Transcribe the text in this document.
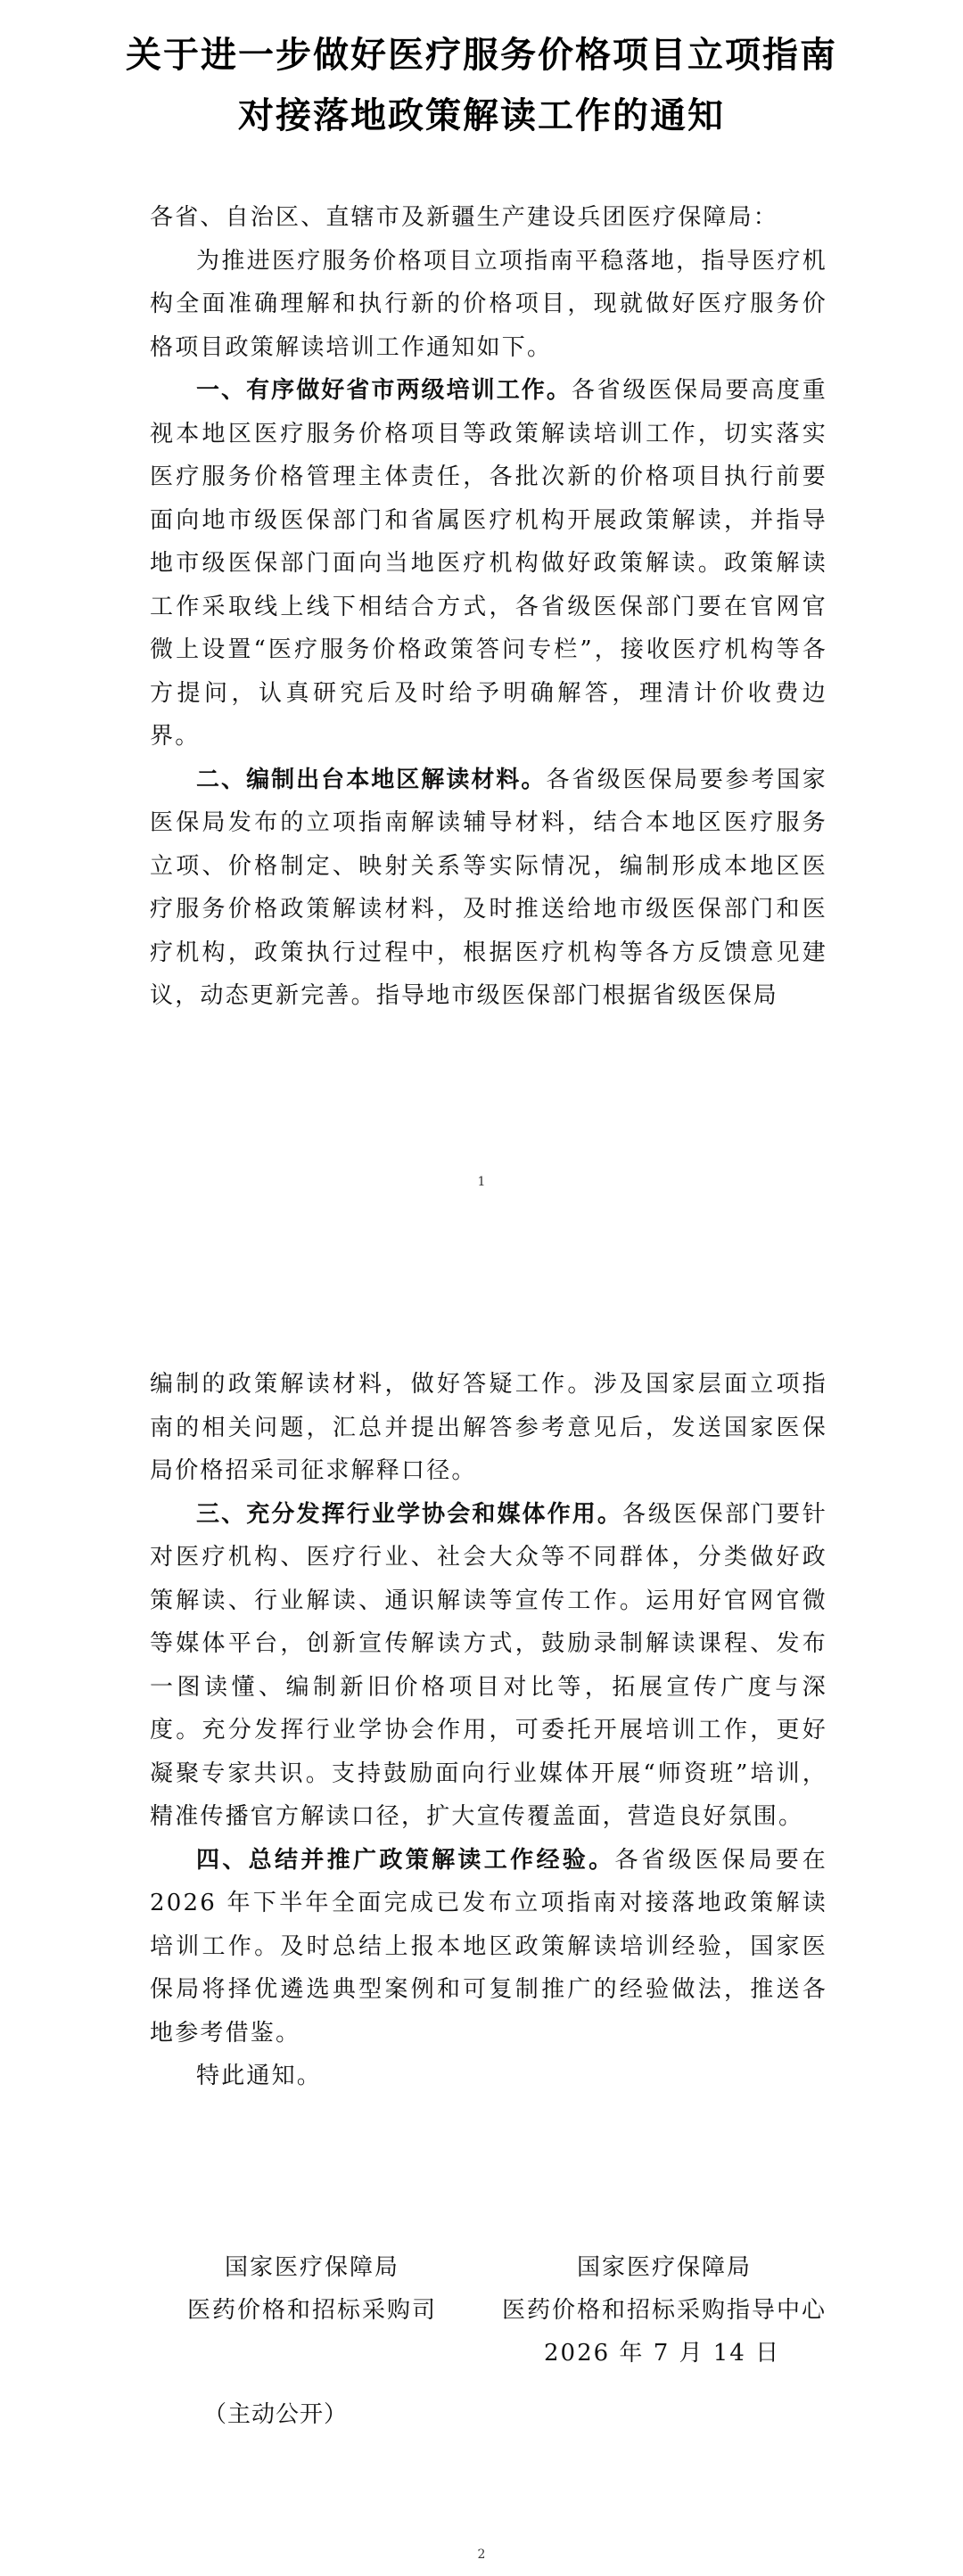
关于进一步做好医疗服务价格项目立项指南
对接落地政策解读工作的通知

各省、自治区、直辖市及新疆生产建设兵团医疗保障局：

为推进医疗服务价格项目立项指南平稳落地，指导医疗机构全面准确理解和执行新的价格项目，现就做好医疗服务价格项目政策解读培训工作通知如下。

一、有序做好省市两级培训工作。各省级医保局要高度重视本地区医疗服务价格项目等政策解读培训工作，切实落实医疗服务价格管理主体责任，各批次新的价格项目执行前要面向地市级医保部门和省属医疗机构开展政策解读，并指导地市级医保部门面向当地医疗机构做好政策解读。政策解读工作采取线上线下相结合方式，各省级医保部门要在官网官微上设置“医疗服务价格政策答问专栏”，接收医疗机构等各方提问，认真研究后及时给予明确解答，理清计价收费边界。

二、编制出台本地区解读材料。各省级医保局要参考国家医保局发布的立项指南解读辅导材料，结合本地区医疗服务立项、价格制定、映射关系等实际情况，编制形成本地区医疗服务价格政策解读材料，及时推送给地市级医保部门和医疗机构，政策执行过程中，根据医疗机构等各方反馈意见建议，动态更新完善。指导地市级医保部门根据省级医保局

1

编制的政策解读材料，做好答疑工作。涉及国家层面立项指南的相关问题，汇总并提出解答参考意见后，发送国家医保局价格招采司征求解释口径。

三、充分发挥行业学协会和媒体作用。各级医保部门要针对医疗机构、医疗行业、社会大众等不同群体，分类做好政策解读、行业解读、通识解读等宣传工作。运用好官网官微等媒体平台，创新宣传解读方式，鼓励录制解读课程、发布一图读懂、编制新旧价格项目对比等，拓展宣传广度与深度。充分发挥行业学协会作用，可委托开展培训工作，更好凝聚专家共识。支持鼓励面向行业媒体开展“师资班”培训，精准传播官方解读口径，扩大宣传覆盖面，营造良好氛围。

四、总结并推广政策解读工作经验。各省级医保局要在2026 年下半年全面完成已发布立项指南对接落地政策解读培训工作。及时总结上报本地区政策解读培训经验，国家医保局将择优遴选典型案例和可复制推广的经验做法，推送各地参考借鉴。

特此通知。

国家医疗保障局
医药价格和招标采购司
国家医疗保障局
医药价格和招标采购指导中心
2026 年 7 月 14 日
（主动公开）
2
